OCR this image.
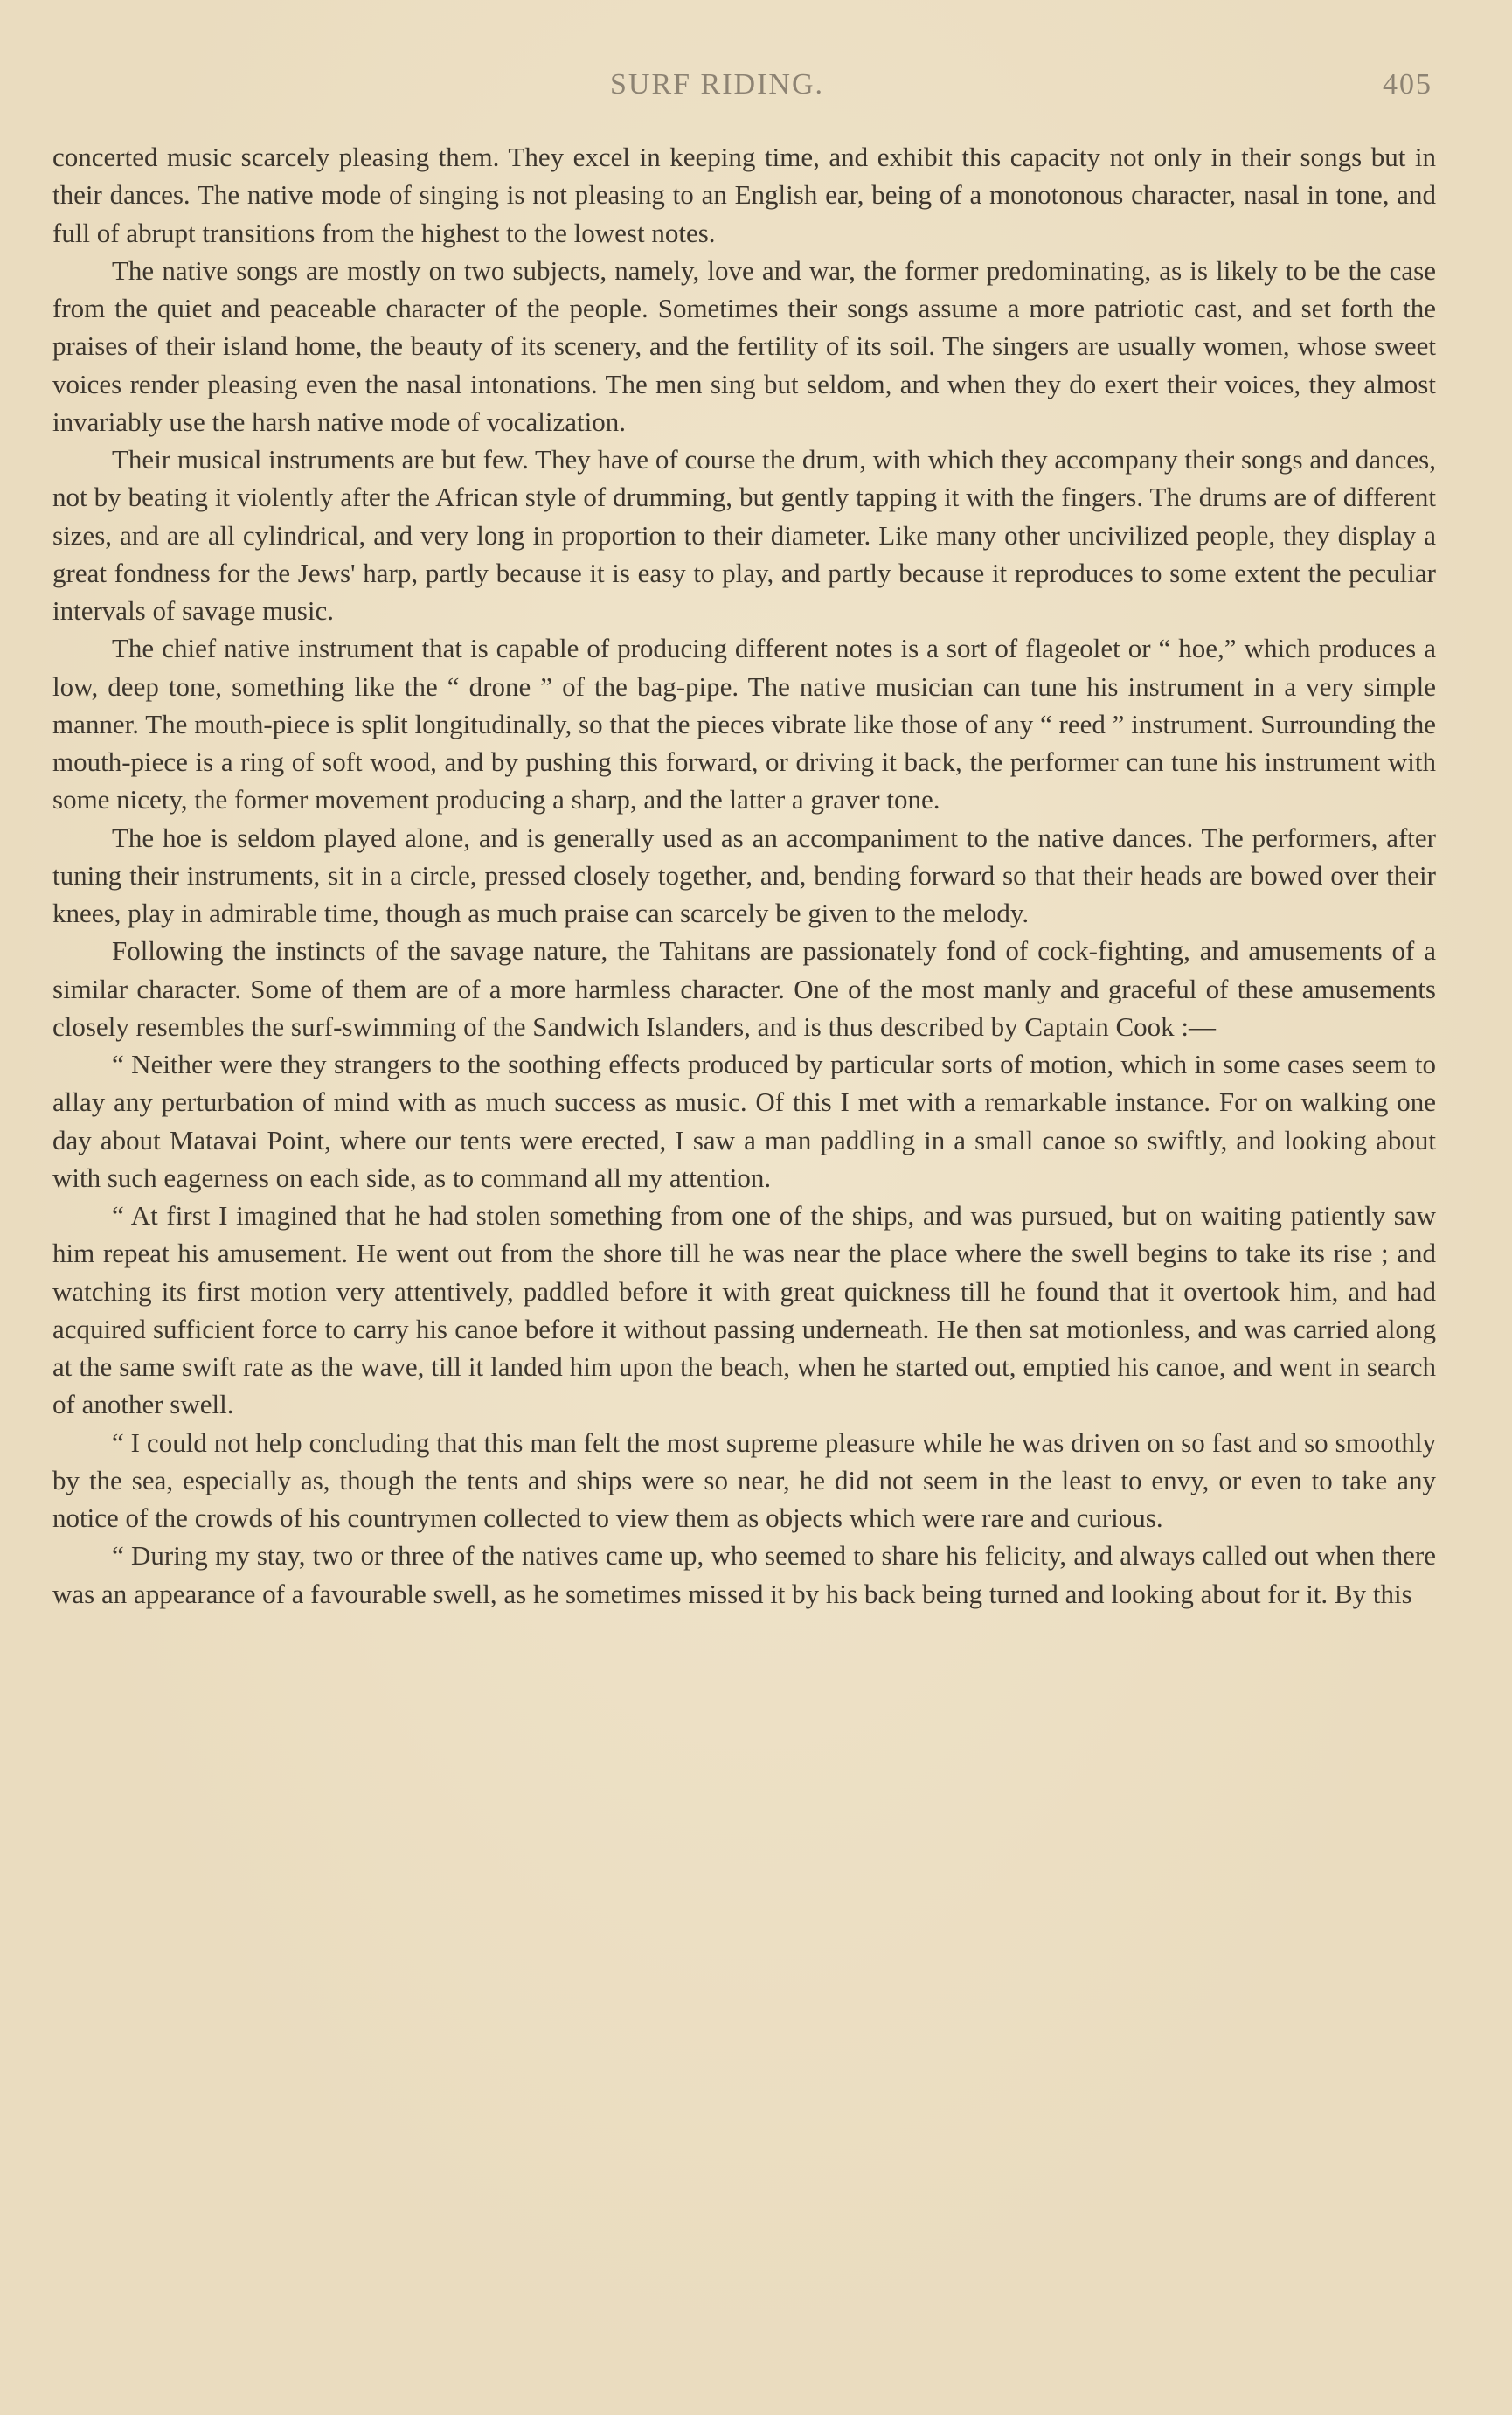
SURF RIDING.	405

concerted music scarcely pleasing them. They excel in keeping time, and exhibit this capacity not only in their songs but in their dances. The native mode of singing is not pleasing to an English ear, being of a monotonous character, nasal in tone, and full of abrupt transitions from the highest to the lowest notes.

The native songs are mostly on two subjects, namely, love and war, the former predominating, as is likely to be the case from the quiet and peaceable character of the people. Sometimes their songs assume a more patriotic cast, and set forth the praises of their island home, the beauty of its scenery, and the fertility of its soil. The singers are usually women, whose sweet voices render pleasing even the nasal intonations. The men sing but seldom, and when they do exert their voices, they almost invariably use the harsh native mode of vocalization.

Their musical instruments are but few. They have of course the drum, with which they accompany their songs and dances, not by beating it violently after the African style of drumming, but gently tapping it with the fingers. The drums are of different sizes, and are all cylindrical, and very long in proportion to their diameter. Like many other uncivilized people, they display a great fondness for the Jews' harp, partly because it is easy to play, and partly because it reproduces to some extent the peculiar intervals of savage music.

The chief native instrument that is capable of producing different notes is a sort of flageolet or “ hoe,” which produces a low, deep tone, something like the “ drone ” of the bag-pipe. The native musician can tune his instrument in a very simple manner. The mouth-piece is split longitudinally, so that the pieces vibrate like those of any “ reed ” instrument. Surrounding the mouth-piece is a ring of soft wood, and by pushing this forward, or driving it back, the performer can tune his instrument with some nicety, the former movement producing a sharp, and the latter a graver tone.

The hoe is seldom played alone, and is generally used as an accompaniment to the native dances. The performers, after tuning their instruments, sit in a circle, pressed closely together, and, bending forward so that their heads are bowed over their knees, play in admirable time, though as much praise can scarcely be given to the melody.

Following the instincts of the savage nature, the Tahitans are passionately fond of cock-fighting, and amusements of a similar character. Some of them are of a more harmless character. One of the most manly and graceful of these amusements closely resembles the surf-swimming of the Sandwich Islanders, and is thus described by Captain Cook :—

“ Neither were they strangers to the soothing effects produced by particular sorts of motion, which in some cases seem to allay any perturbation of mind with as much success as music. Of this I met with a remarkable instance. For on walking one day about Matavai Point, where our tents were erected, I saw a man paddling in a small canoe so swiftly, and looking about with such eagerness on each side, as to command all my attention.

“ At first I imagined that he had stolen something from one of the ships, and was pursued, but on waiting patiently saw him repeat his amusement. He went out from the shore till he was near the place where the swell begins to take its rise ; and watching its first motion very attentively, paddled before it with great quickness till he found that it overtook him, and had acquired sufficient force to carry his canoe before it without passing underneath. He then sat motionless, and was carried along at the same swift rate as the wave, till it landed him upon the beach, when he started out, emptied his canoe, and went in search of another swell.

“ I could not help concluding that this man felt the most supreme pleasure while he was driven on so fast and so smoothly by the sea, especially as, though the tents and ships were so near, he did not seem in the least to envy, or even to take any notice of the crowds of his countrymen collected to view them as objects which were rare and curious.

“ During my stay, two or three of the natives came up, who seemed to share his felicity, and always called out when there was an appearance of a favourable swell, as he sometimes missed it by his back being turned and looking about for it. By this
